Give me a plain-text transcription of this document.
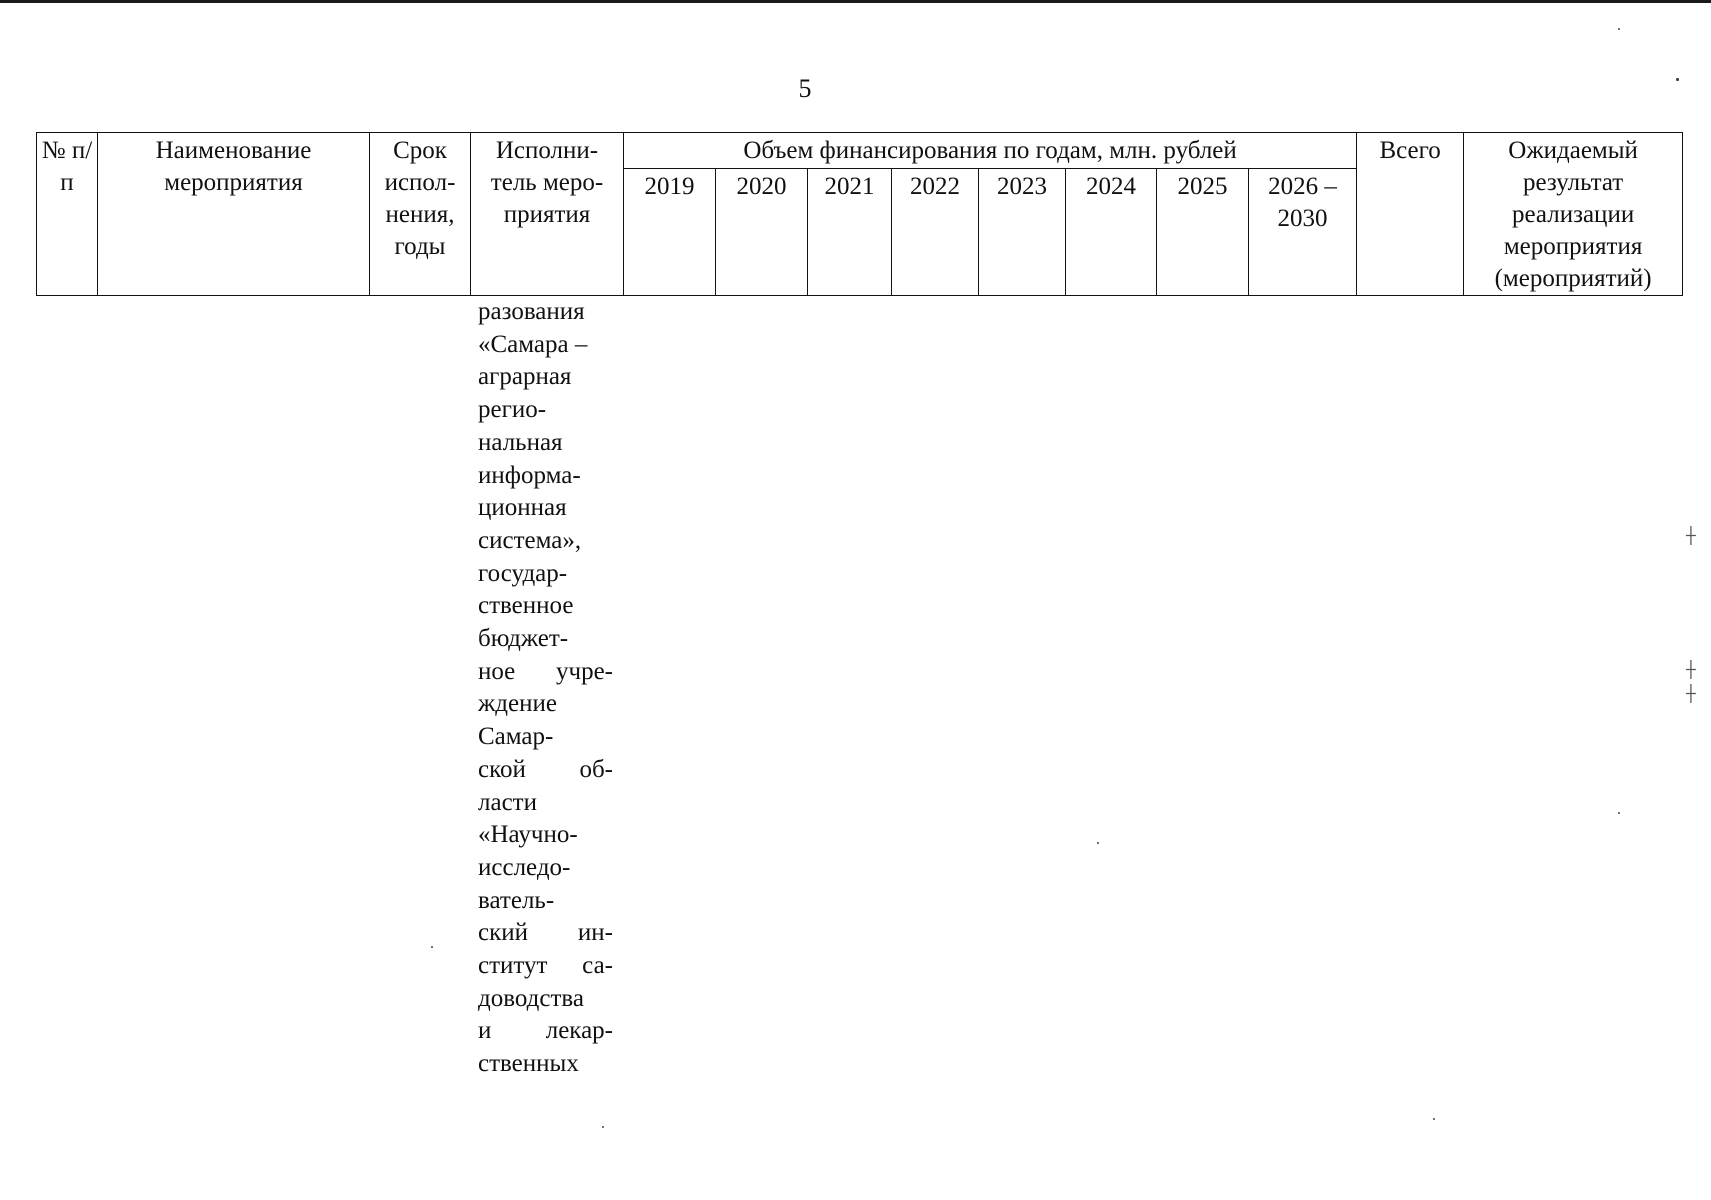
5
№ п/п	Наименование мероприятия	Срок испол-нения, годы	Исполни-тель меро-приятия	Объем финансирования по годам, млн. рублей								Всего	Ожидаемый результат реализации мероприятия (мероприятий)

				2019	2020	2021	2022	2023	2024	2025	2026 – 2030		
разования
«Самара –
аграрная
регио-
нальная
информа-
ционная
система»,
государ-
ственное
бюджет-
ное учре-
ждение
Самар-
ской об-
ласти
«Научно-
исследо-
ватель-
ский ин-
ститут са-
доводства
и лекар-
ственных
┼
┼
┼
